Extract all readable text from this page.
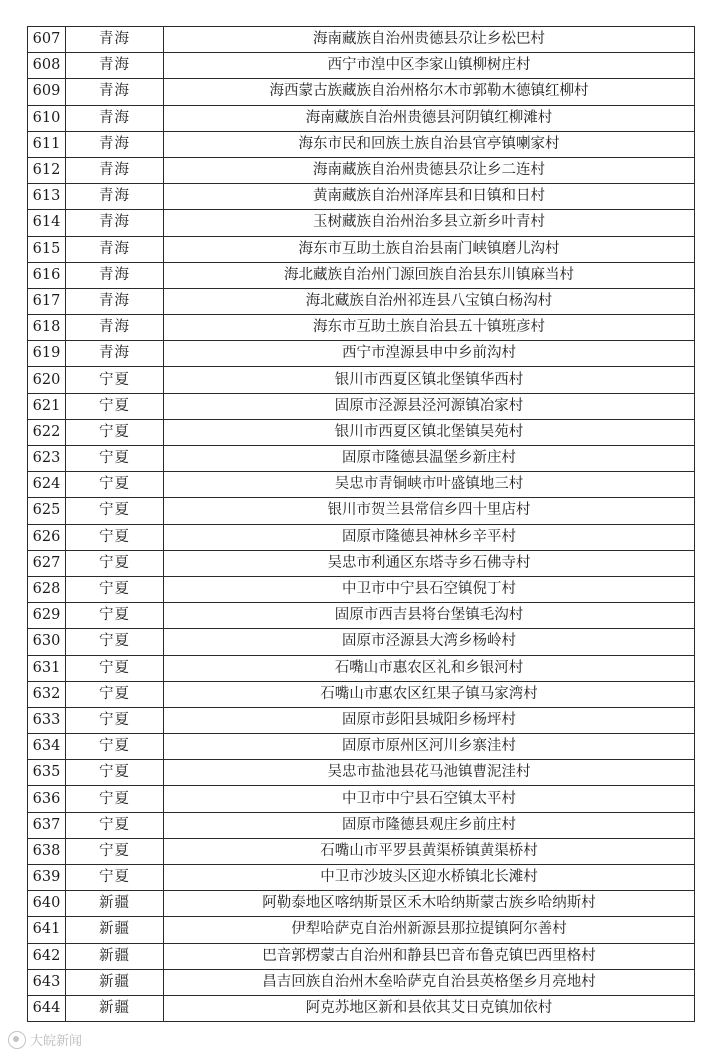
607	青海	海南藏族自治州贵德县尕让乡松巴村
608	青海	西宁市湟中区李家山镇柳树庄村
609	青海	海西蒙古族藏族自治州格尔木市郭勒木德镇红柳村
610	青海	海南藏族自治州贵德县河阴镇红柳滩村
611	青海	海东市民和回族土族自治县官亭镇喇家村
612	青海	海南藏族自治州贵德县尕让乡二连村
613	青海	黄南藏族自治州泽库县和日镇和日村
614	青海	玉树藏族自治州治多县立新乡叶青村
615	青海	海东市互助土族自治县南门峡镇磨儿沟村
616	青海	海北藏族自治州门源回族自治县东川镇麻当村
617	青海	海北藏族自治州祁连县八宝镇白杨沟村
618	青海	海东市互助土族自治县五十镇班彦村
619	青海	西宁市湟源县申中乡前沟村
620	宁夏	银川市西夏区镇北堡镇华西村
621	宁夏	固原市泾源县泾河源镇冶家村
622	宁夏	银川市西夏区镇北堡镇吴苑村
623	宁夏	固原市隆德县温堡乡新庄村
624	宁夏	吴忠市青铜峡市叶盛镇地三村
625	宁夏	银川市贺兰县常信乡四十里店村
626	宁夏	固原市隆德县神林乡辛平村
627	宁夏	吴忠市利通区东塔寺乡石佛寺村
628	宁夏	中卫市中宁县石空镇倪丁村
629	宁夏	固原市西吉县将台堡镇毛沟村
630	宁夏	固原市泾源县大湾乡杨岭村
631	宁夏	石嘴山市惠农区礼和乡银河村
632	宁夏	石嘴山市惠农区红果子镇马家湾村
633	宁夏	固原市彭阳县城阳乡杨坪村
634	宁夏	固原市原州区河川乡寨洼村
635	宁夏	吴忠市盐池县花马池镇曹泥洼村
636	宁夏	中卫市中宁县石空镇太平村
637	宁夏	固原市隆德县观庄乡前庄村
638	宁夏	石嘴山市平罗县黄渠桥镇黄渠桥村
639	宁夏	中卫市沙坡头区迎水桥镇北长滩村
640	新疆	阿勒泰地区喀纳斯景区禾木哈纳斯蒙古族乡哈纳斯村
641	新疆	伊犁哈萨克自治州新源县那拉提镇阿尔善村
642	新疆	巴音郭楞蒙古自治州和静县巴音布鲁克镇巴西里格村
643	新疆	昌吉回族自治州木垒哈萨克自治县英格堡乡月亮地村
644	新疆	阿克苏地区新和县依其艾日克镇加依村
大皖新闻
